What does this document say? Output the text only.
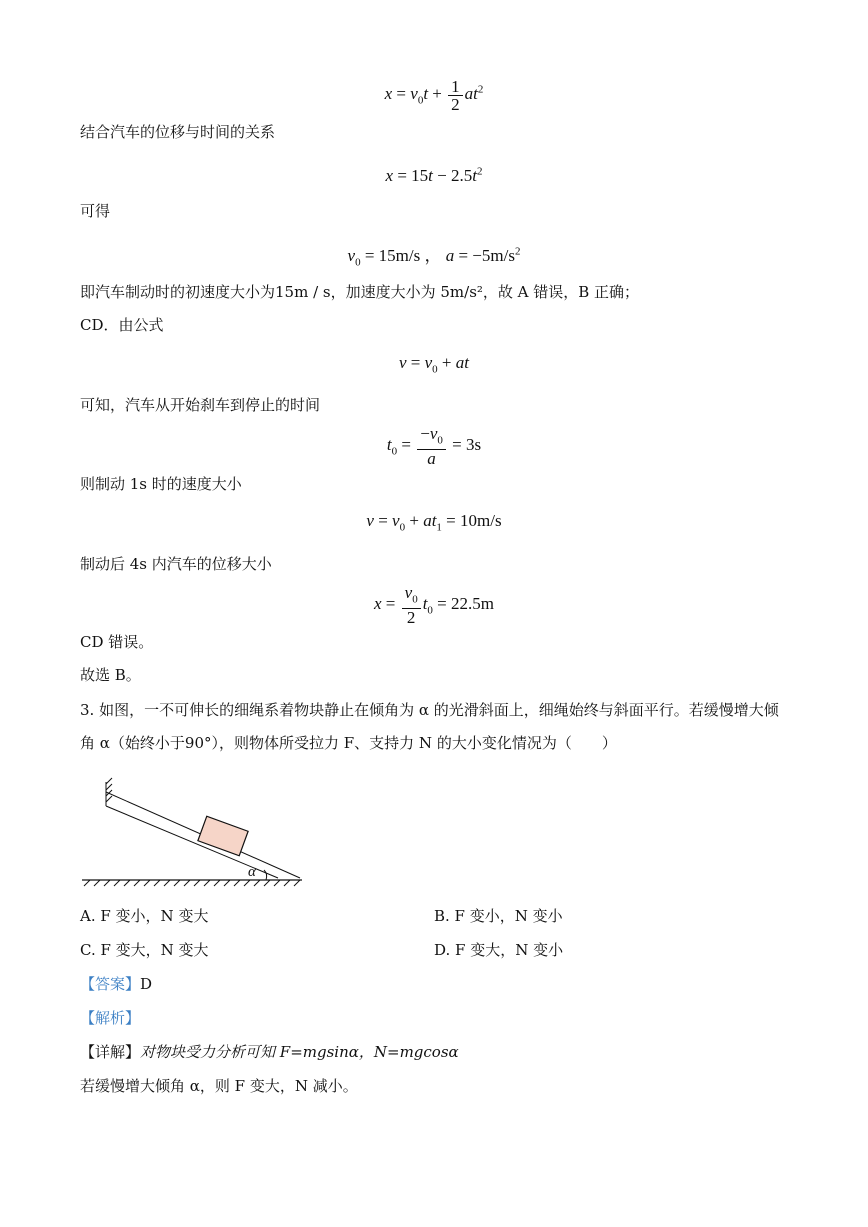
$x = v_0t + \frac{1}{2} at^2$
结合汽车的位移与时间的关系
$x = 15t - 2.5t^2$
可得
$v_0 = 15m/s$ ， $a = -5m/s^2$
即汽车制动时的初速度大小为15m / s，加速度大小为 5m/s²，故 A 错误，B 正确；
CD．由公式
$v = v_0$ + at
可知，汽车从开始刹车到停止的时间
$t_0 = \frac{-v_0}{a} = 3s$
则制动 1s 时的速度大小
$v = v_0 + at_1 = 10m/s$
制动后 4s 内汽车的位移大小
$x = \frac{v_0}{2} t_0 = 22.5m$
CD 错误。
故选 B。
3. 如图，一不可伸长的细绳系着物块静止在倾角为 α 的光滑斜面上，细绳始终与斜面平行。若缓慢增大倾
角 α（始终小于90°），则物体所受拉力 F、支持力 N 的大小变化情况为（　　）
α
A. F 变小，N 变大	B. F 变小，N 变小
C. F 变大，N 变大	D. F 变大，N 变小
【答案】D
【解析】
【详解】对物块受力分析可知 F=mgsinα，N=mgcosα
若缓慢增大倾角 α，则 F 变大，N 减小。
